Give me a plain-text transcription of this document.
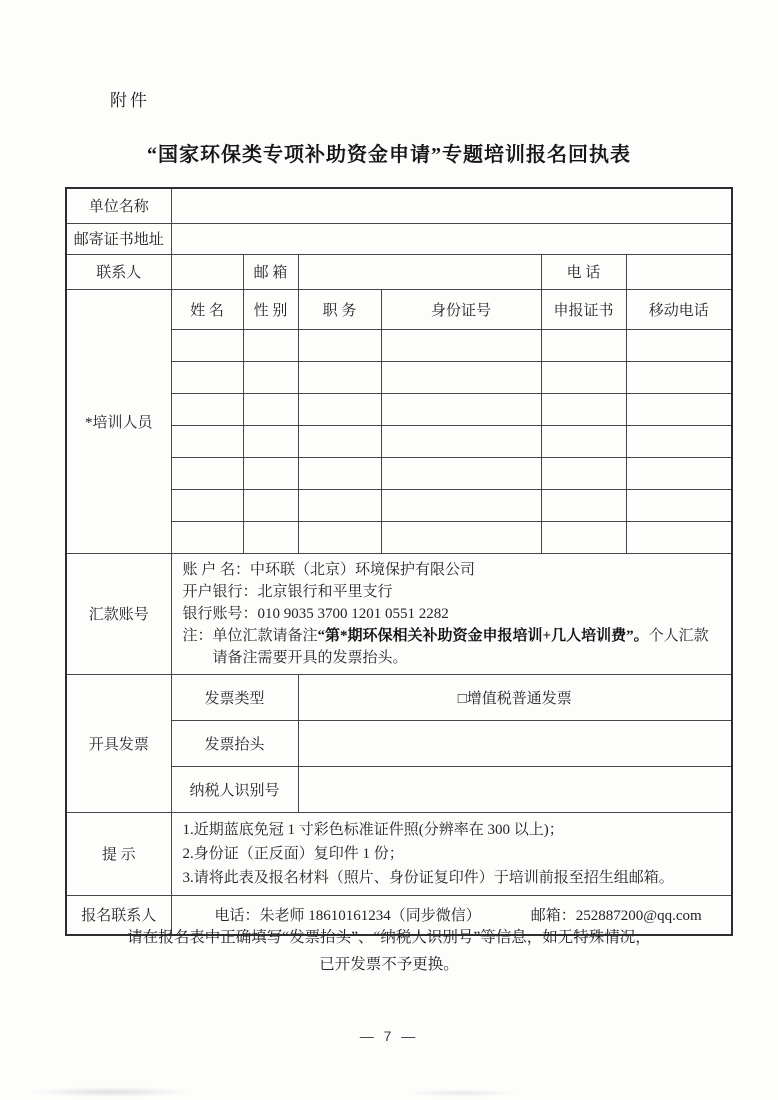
附件
“国家环保类专项补助资金申请”专题培训报名回执表
单位名称						
邮寄证书地址						
联系人		邮 箱			电 话	
*培训人员	姓 名	性 别	职 务	身份证号	申报证书	移动电话

汇款账号	账 户 名：中环联（北京）环境保护有限公司
开户银行：北京银行和平里支行
银行账号：010 9035 3700 1201 0551 2282
注：单位汇款请备注“第*期环保相关补助资金申报培训+几人培训费”。个人汇款请备注需要开具的发票抬头。					

开具发票	发票类型		□增值税普通发票			
	发票抬头					
	纳税人识别号					
提 示	1.近期蓝底免冠 1 寸彩色标准证件照(分辨率在 300 以上)；
2.身份证（正反面）复印件 1 份；
3.请将此表及报名材料（照片、身份证复印件）于培训前报至招生组邮箱。					

报名联系人	电话：朱老师 18610161234（同步微信） 邮箱：252887200@qq.com					
请在报名表中正确填写“发票抬头”、“纳税人识别号”等信息，如无特殊情况，
已开发票不予更换。
— 7 —
